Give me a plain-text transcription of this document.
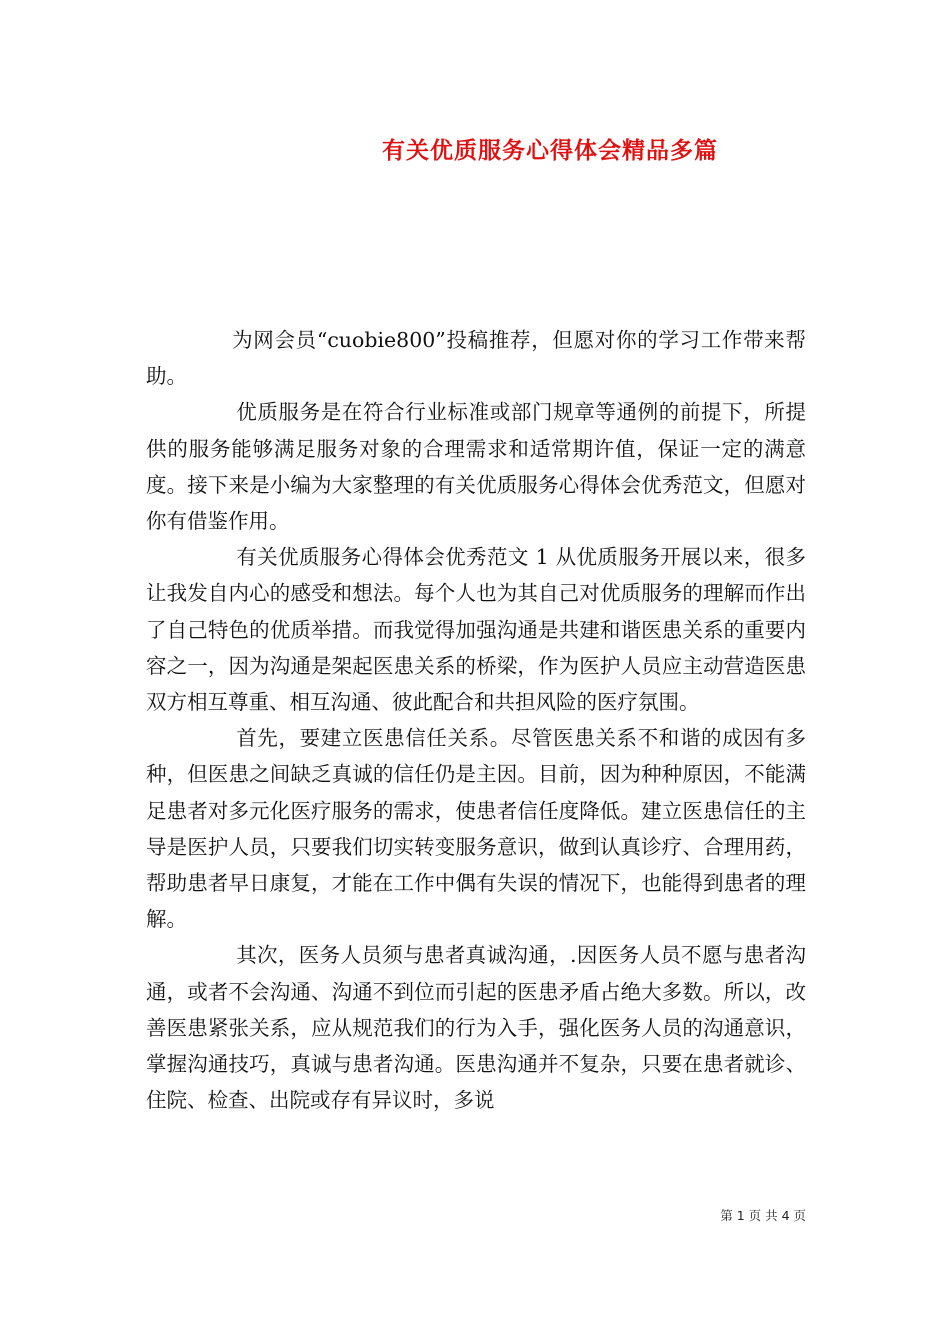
有关优质服务心得体会精品多篇

为网会员“cuobie800”投稿推荐，但愿对你的学习工作带来帮助。

优质服务是在符合行业标准或部门规章等通例的前提下，所提供的服务能够满足服务对象的合理需求和适常期许值，保证一定的满意度。接下来是小编为大家整理的有关优质服务心得体会优秀范文，但愿对你有借鉴作用。

有关优质服务心得体会优秀范文 1 从优质服务开展以来，很多让我发自内心的感受和想法。每个人也为其自己对优质服务的理解而作出了自己特色的优质举措。而我觉得加强沟通是共建和谐医患关系的重要内容之一，因为沟通是架起医患关系的桥梁，作为医护人员应主动营造医患双方相互尊重、相互沟通、彼此配合和共担风险的医疗氛围。

首先，要建立医患信任关系。尽管医患关系不和谐的成因有多种，但医患之间缺乏真诚的信任仍是主因。目前，因为种种原因，不能满足患者对多元化医疗服务的需求，使患者信任度降低。建立医患信任的主导是医护人员，只要我们切实转变服务意识，做到认真诊疗、合理用药，帮助患者早日康复，才能在工作中偶有失误的情况下，也能得到患者的理解。

其次，医务人员须与患者真诚沟通，.因医务人员不愿与患者沟通，或者不会沟通、沟通不到位而引起的医患矛盾占绝大多数。所以，改善医患紧张关系，应从规范我们的行为入手，强化医务人员的沟通意识，掌握沟通技巧，真诚与患者沟通。医患沟通并不复杂，只要在患者就诊、住院、检查、出院或存有异议时，多说

第 1 页 共 4 页
